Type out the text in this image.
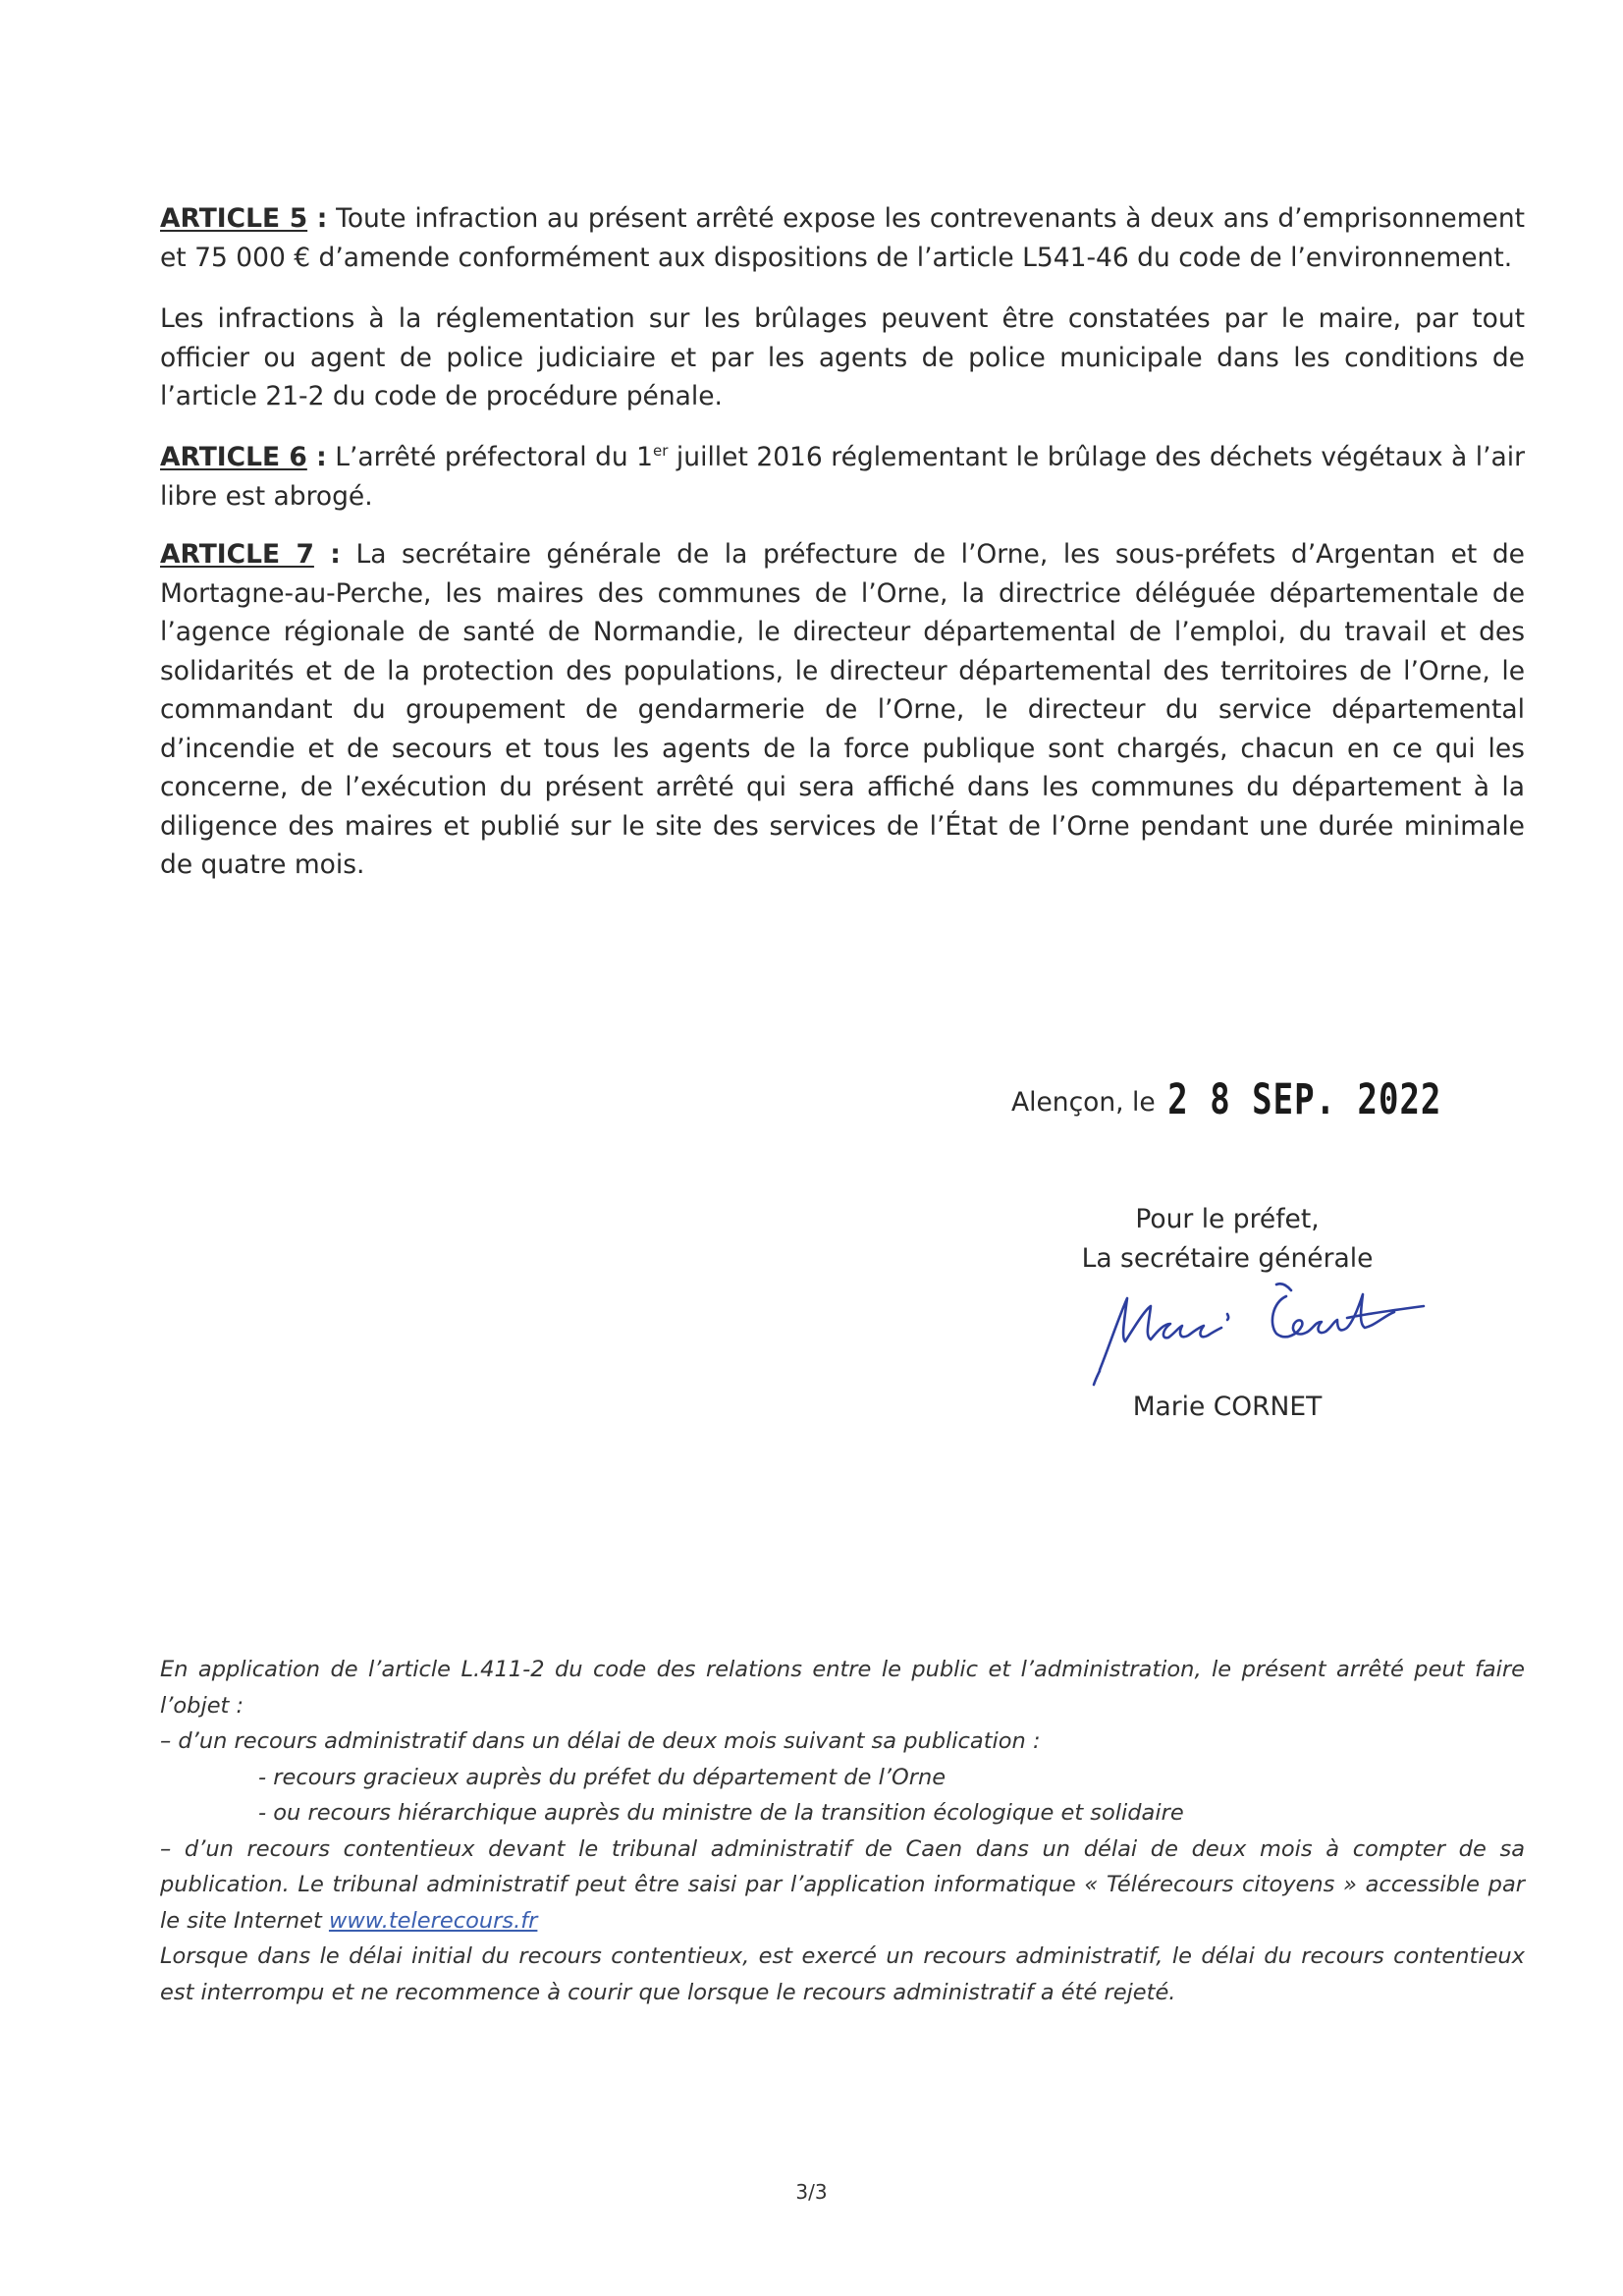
ARTICLE 5 : Toute infraction au présent arrêté expose les contrevenants à deux ans d’emprisonnement et 75 000 € d’amende conformément aux dispositions de l’article L541-46 du code de l’environnement.

Les infractions à la réglementation sur les brûlages peuvent être constatées par le maire, par tout officier ou agent de police judiciaire et par les agents de police municipale dans les conditions de l’article 21-2 du code de procédure pénale.

ARTICLE 6 : L’arrêté préfectoral du 1er juillet 2016 réglementant le brûlage des déchets végétaux à l’air libre est abrogé.

ARTICLE 7 : La secrétaire générale de la préfecture de l’Orne, les sous-préfets d’Argentan et de Mortagne-au-Perche, les maires des communes de l’Orne, la directrice déléguée départementale de l’agence régionale de santé de Normandie, le directeur départemental de l’emploi, du travail et des solidarités et de la protection des populations, le directeur départemental des territoires de l’Orne, le commandant du groupement de gendarmerie de l’Orne, le directeur du service départemental d’incendie et de secours et tous les agents de la force publique sont chargés, chacun en ce qui les concerne, de l’exécution du présent arrêté qui sera affiché dans les communes du département à la diligence des maires et publié sur le site des services de l’État de l’Orne pendant une durée minimale de quatre mois.

Alençon, le 2 8 SEP. 2022
Pour le préfet,
La secrétaire générale
Marie CORNET

En application de l’article L.411-2 du code des relations entre le public et l’administration, le présent arrêté peut faire l’objet :

– d’un recours administratif dans un délai de deux mois suivant sa publication :

- recours gracieux auprès du préfet du département de l’Orne

- ou recours hiérarchique auprès du ministre de la transition écologique et solidaire

– d’un recours contentieux devant le tribunal administratif de Caen dans un délai de deux mois à compter de sa publication. Le tribunal administratif peut être saisi par l’application informatique « Télérecours citoyens » accessible par le site Internet www.telerecours.fr

Lorsque dans le délai initial du recours contentieux, est exercé un recours administratif, le délai du recours contentieux est interrompu et ne recommence à courir que lorsque le recours administratif a été rejeté.

3/3
